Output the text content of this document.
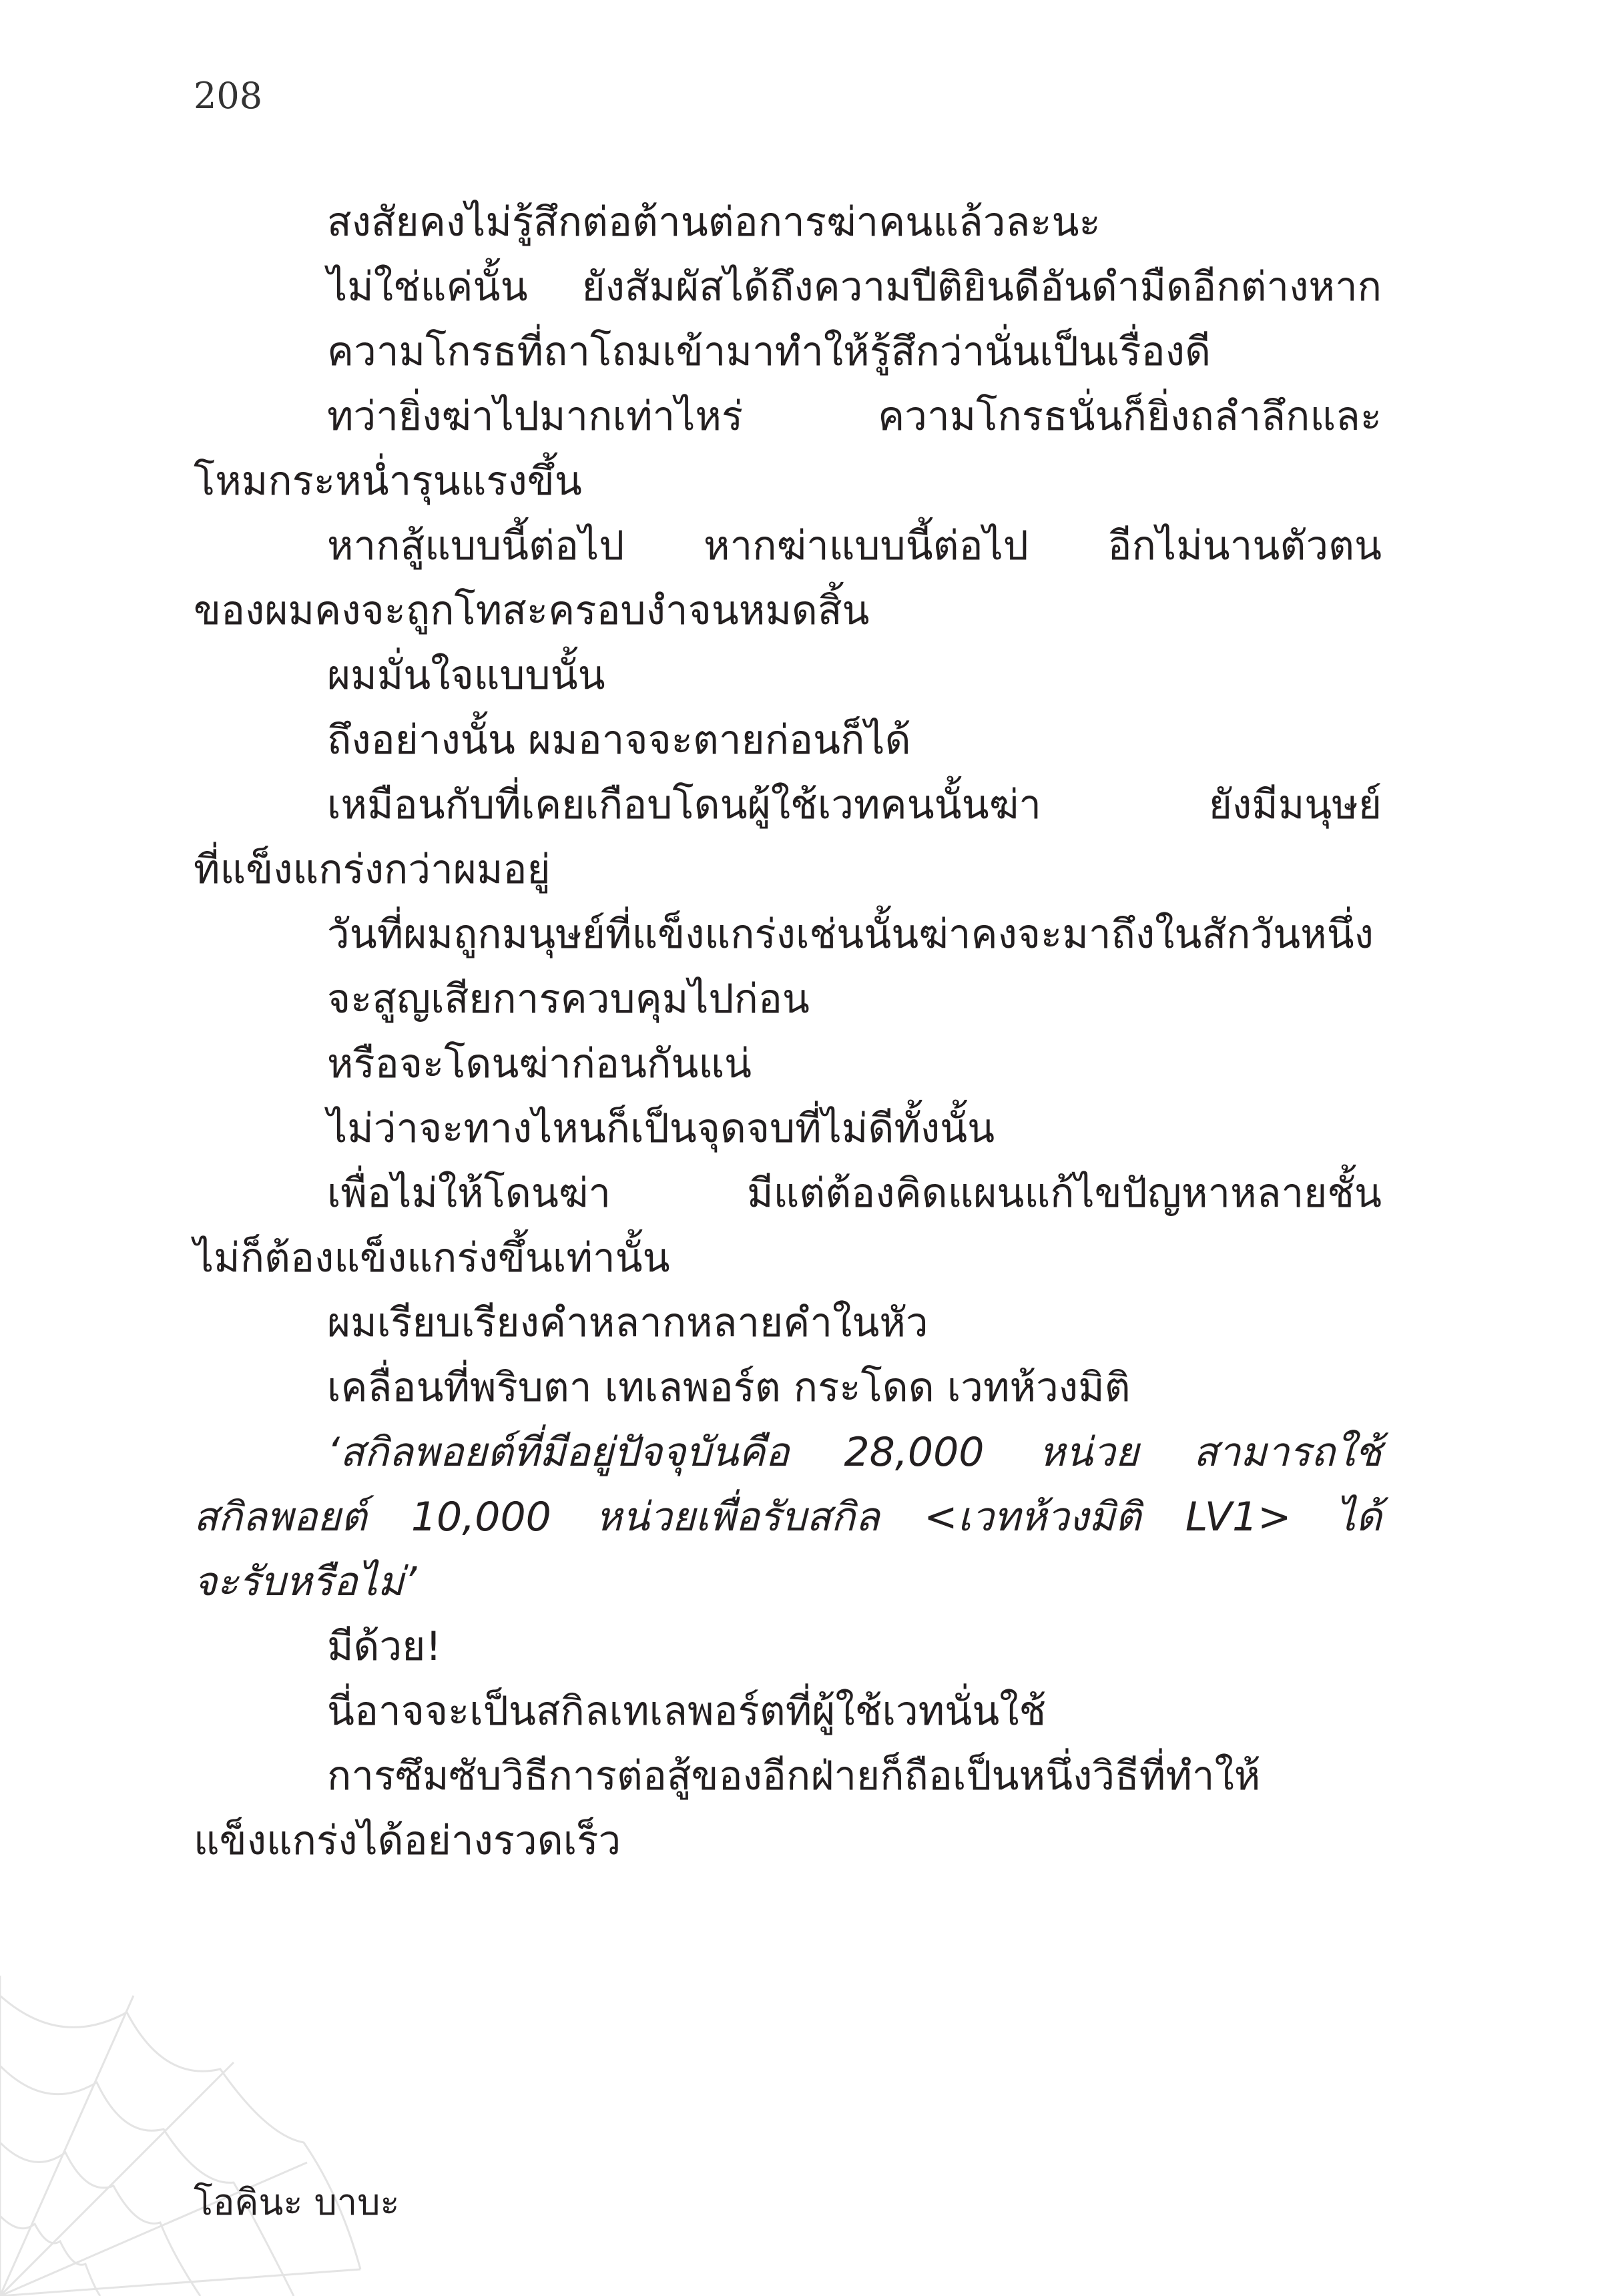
208
สงสัยคงไม่รู้สึกต่อต้านต่อการฆ่าคนแล้วละนะ
ไม่ใช่แค่นั้น ยังสัมผัสได้ถึงความปีติยินดีอันดำมืดอีกต่างหาก
ความโกรธที่ถาโถมเข้ามาทำให้รู้สึกว่านั่นเป็นเรื่องดี
ทว่ายิ่งฆ่าไปมากเท่าไหร่ ความโกรธนั่นก็ยิ่งถลำลึกและ
โหมกระหน่ำรุนแรงขึ้น
หากสู้แบบนี้ต่อไป หากฆ่าแบบนี้ต่อไป อีกไม่นานตัวตน
ของผมคงจะถูกโทสะครอบงำจนหมดสิ้น
ผมมั่นใจแบบนั้น
ถึงอย่างนั้น ผมอาจจะตายก่อนก็ได้
เหมือนกับที่เคยเกือบโดนผู้ใช้เวทคนนั้นฆ่า ยังมีมนุษย์
ที่แข็งแกร่งกว่าผมอยู่
วันที่ผมถูกมนุษย์ที่แข็งแกร่งเช่นนั้นฆ่าคงจะมาถึงในสักวันหนึ่ง
จะสูญเสียการควบคุมไปก่อน
หรือจะโดนฆ่าก่อนกันแน่
ไม่ว่าจะทางไหนก็เป็นจุดจบที่ไม่ดีทั้งนั้น
เพื่อไม่ให้โดนฆ่า มีแต่ต้องคิดแผนแก้ไขปัญหาหลายชั้น
ไม่ก็ต้องแข็งแกร่งขึ้นเท่านั้น
ผมเรียบเรียงคำหลากหลายคำในหัว
เคลื่อนที่พริบตา เทเลพอร์ต กระโดด เวทห้วงมิติ
‘สกิลพอยต์ที่มีอยู่ปัจจุบันคือ 28,000 หน่วย สามารถใช้
สกิลพอยต์ 10,000 หน่วยเพื่อรับสกิล <เวทห้วงมิติ LV1> ได้
จะรับหรือไม่’
มีด้วย!
นี่อาจจะเป็นสกิลเทเลพอร์ตที่ผู้ใช้เวทนั่นใช้
การซึมซับวิธีการต่อสู้ของอีกฝ่ายก็ถือเป็นหนึ่งวิธีที่ทำให้
แข็งแกร่งได้อย่างรวดเร็ว
โอคินะ บาบะ
